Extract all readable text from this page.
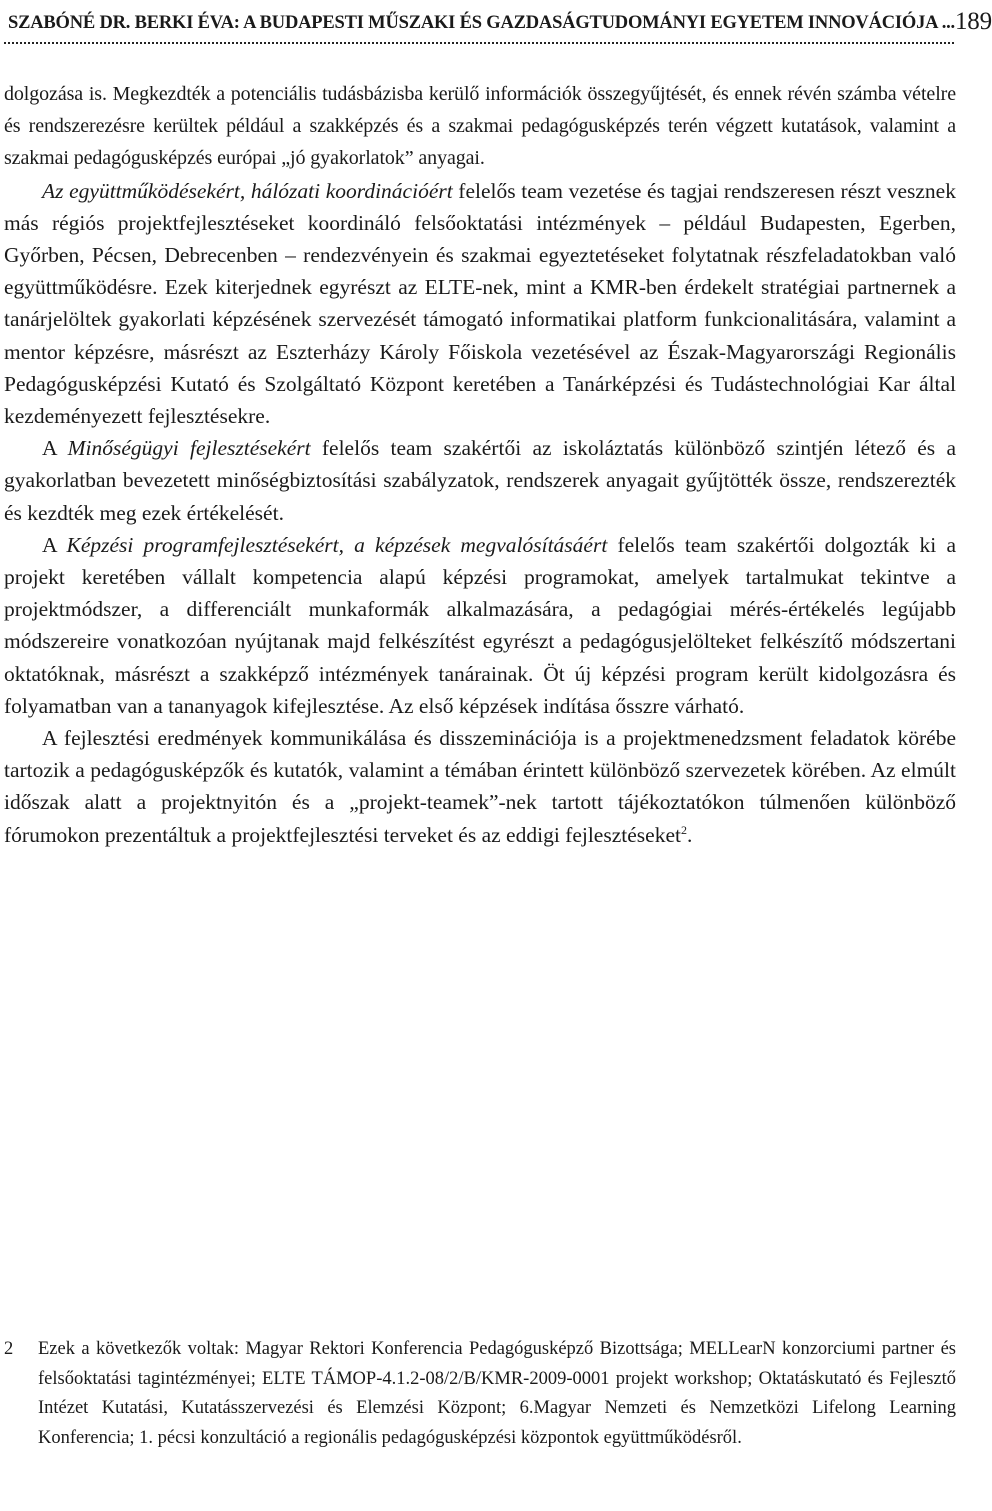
SZABÓNÉ DR. BERKI ÉVA: A BUDAPESTI MŰSZAKI ÉS GAZDASÁGTUDOMÁNYI EGYETEM INNOVÁCIÓJA ... 189

dolgozása is. Megkezdték a potenciális tudásbázisba kerülő információk összegyűjtését, és ennek révén számba vételre és rendszerezésre kerültek például a szakképzés és a szakmai pedagógusképzés terén végzett kutatások, valamint a szakmai pedagógusképzés európai „jó gyakorlatok” anyagai.

Az együttműködésekért, hálózati koordinációért felelős team vezetése és tagjai rendszeresen részt vesznek más régiós projektfejlesztéseket koordináló felsőoktatási intézmények – például Budapesten, Egerben, Győrben, Pécsen, Debrecenben – rendezvényein és szakmai egyeztetéseket folytatnak részfeladatokban való együttműködésre. Ezek kiterjednek egyrészt az ELTE-nek, mint a KMR-ben érdekelt stratégiai partnernek a tanárjelöltek gyakorlati képzésének szervezését támogató informatikai platform funkcionalitására, valamint a mentor képzésre, másrészt az Eszterházy Károly Főiskola vezetésével az Észak-Magyarországi Regionális Pedagógusképzési Kutató és Szolgáltató Központ keretében a Tanárképzési és Tudástechnológiai Kar által kezdeményezett fejlesztésekre.

A Minőségügyi fejlesztésekért felelős team szakértői az iskoláztatás különböző szintjén létező és a gyakorlatban bevezetett minőségbiztosítási szabályzatok, rendszerek anyagait gyűjtötték össze, rendszerezték és kezdték meg ezek értékelését.

A Képzési programfejlesztésekért, a képzések megvalósításáért felelős team szakértői dolgozták ki a projekt keretében vállalt kompetencia alapú képzési programokat, amelyek tartalmukat tekintve a projektmódszer, a differenciált munkaformák alkalmazására, a pedagógiai mérés-értékelés legújabb módszereire vonatkozóan nyújtanak majd felkészítést egyrészt a pedagógusjelölteket felkészítő módszertani oktatóknak, másrészt a szakképző intézmények tanárainak. Öt új képzési program került kidolgozásra és folyamatban van a tananyagok kifejlesztése. Az első képzések indítása ősszre várható.

A fejlesztési eredmények kommunikálása és disszeminációja is a projektmenedzsment feladatok körébe tartozik a pedagógusképzők és kutatók, valamint a témában érintett különböző szervezetek körében. Az elmúlt időszak alatt a projektnyitón és a „projekt-teamek”-nek tartott tájékoztatókon túlmenően különböző fórumokon prezentáltuk a projektfejlesztési terveket és az eddigi fejlesztéseket$^2$.

2	Ezek a következők voltak: Magyar Rektori Konferencia Pedagógusképző Bizottsága; MELLearN konzorciumi partner és felsőoktatási tagintézményei; ELTE TÁMOP-4.1.2-08/2/B/KMR-2009-0001 projekt workshop; Oktatáskutató és Fejlesztő Intézet Kutatási, Kutatásszervezési és Elemzési Központ; 6.Magyar Nemzeti és Nemzetközi Lifelong Learning Konferencia; 1. pécsi konzultáció a regionális pedagógusképzési központok együttműködésről.
